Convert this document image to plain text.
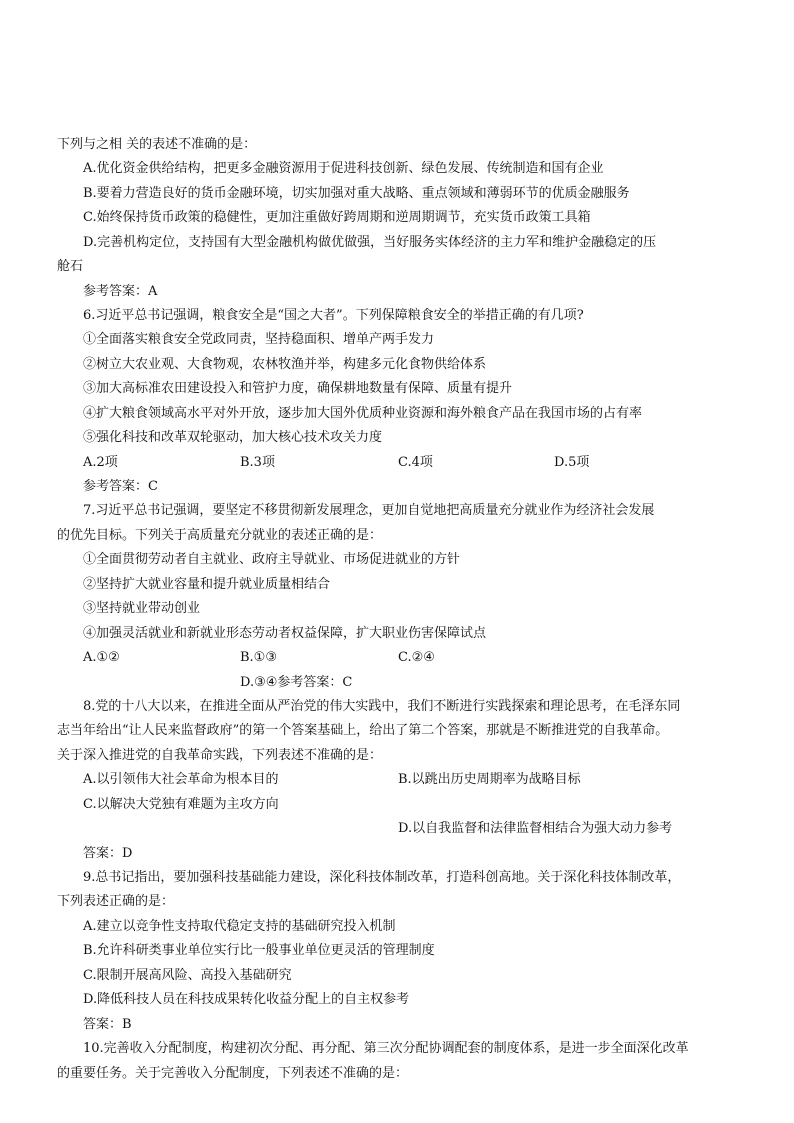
下列与之相 关的表述不准确的是：
A.优化资金供给结构，把更多金融资源用于促进科技创新、绿色发展、传统制造和国有企业
B.要着力营造良好的货币金融环境，切实加强对重大战略、重点领域和薄弱环节的优质金融服务
C.始终保持货币政策的稳健性，更加注重做好跨周期和逆周期调节，充实货币政策工具箱
D.完善机构定位，支持国有大型金融机构做优做强，当好服务实体经济的主力军和维护金融稳定的压
舱石
参考答案：A
6.习近平总书记强调，粮食安全是“国之大者”。下列保障粮食安全的举措正确的有几项?
①全面落实粮食安全党政同责，坚持稳面积、增单产两手发力
②树立大农业观、大食物观，农林牧渔并举，构建多元化食物供给体系
③加大高标准农田建设投入和管护力度，确保耕地数量有保障、质量有提升
④扩大粮食领域高水平对外开放，逐步加大国外优质种业资源和海外粮食产品在我国市场的占有率
⑤强化科技和改革双轮驱动，加大核心技术攻关力度
A.2项	B.3项	C.4项	D.5项
参考答案：C
7.习近平总书记强调，要坚定不移贯彻新发展理念，更加自觉地把高质量充分就业作为经济社会发展
的优先目标。下列关于高质量充分就业的表述正确的是：
①全面贯彻劳动者自主就业、政府主导就业、市场促进就业的方针
②坚持扩大就业容量和提升就业质量相结合
③坚持就业带动创业
④加强灵活就业和新就业形态劳动者权益保障，扩大职业伤害保障试点
A.①②	B.①③	C.②④
D.③④参考答案：C
8.党的十八大以来，在推进全面从严治党的伟大实践中，我们不断进行实践探索和理论思考，在毛泽东同
志当年给出“让人民来监督政府”的第一个答案基础上，给出了第二个答案，那就是不断推进党的自我革命。
关于深入推进党的自我革命实践，下列表述不准确的是：
A.以引领伟大社会革命为根本目的	B.以跳出历史周期率为战略目标
C.以解决大党独有难题为主攻方向
D.以自我监督和法律监督相结合为强大动力参考
答案：D
9.总书记指出，要加强科技基础能力建设，深化科技体制改革，打造科创高地。关于深化科技体制改革，
下列表述正确的是：
A.建立以竞争性支持取代稳定支持的基础研究投入机制
B.允许科研类事业单位实行比一般事业单位更灵活的管理制度
C.限制开展高风险、高投入基础研究
D.降低科技人员在科技成果转化收益分配上的自主权参考
答案：B
10.完善收入分配制度，构建初次分配、再分配、第三次分配协调配套的制度体系，是进一步全面深化改革
的重要任务。关于完善收入分配制度，下列表述不准确的是：
